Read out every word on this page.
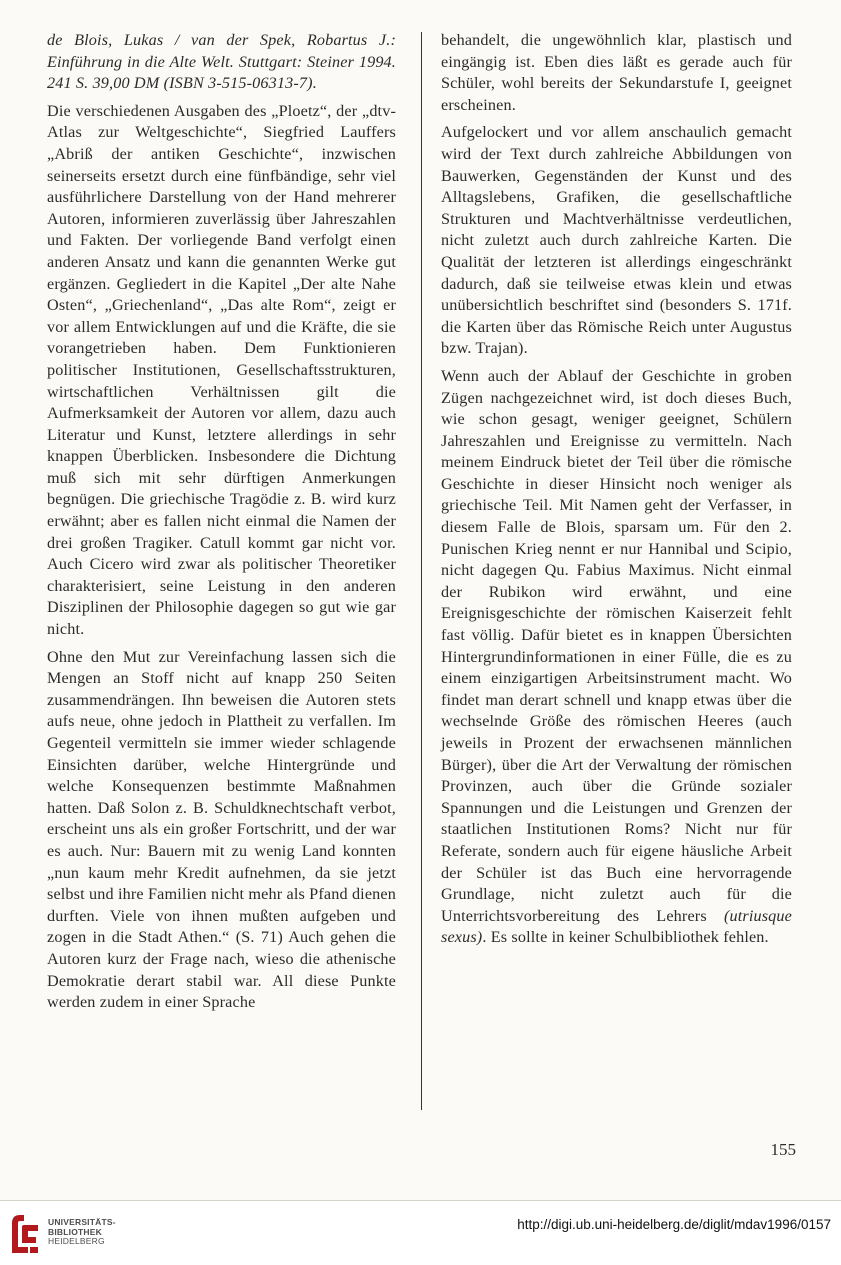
de Blois, Lukas / van der Spek, Robartus J.: Einführung in die Alte Welt. Stuttgart: Steiner 1994. 241 S. 39,00 DM (ISBN 3-515-06313-7).

Die verschiedenen Ausgaben des „Ploetz“, der „dtv-Atlas zur Weltgeschichte“, Siegfried Lauffers „Abriß der antiken Geschichte“, inzwischen seinerseits ersetzt durch eine fünfbändige, sehr viel ausführlichere Darstellung von der Hand mehrerer Autoren, informieren zuverlässig über Jahreszahlen und Fakten. Der vorliegende Band verfolgt einen anderen Ansatz und kann die genannten Werke gut ergänzen. Gegliedert in die Kapitel „Der alte Nahe Osten“, „Griechenland“, „Das alte Rom“, zeigt er vor allem Entwicklungen auf und die Kräfte, die sie vorangetrieben haben. Dem Funktionieren politischer Institutionen, Gesellschaftsstrukturen, wirtschaftlichen Verhältnissen gilt die Aufmerksamkeit der Autoren vor allem, dazu auch Literatur und Kunst, letztere allerdings in sehr knappen Überblicken. Insbesondere die Dichtung muß sich mit sehr dürftigen Anmerkungen begnügen. Die griechische Tragödie z. B. wird kurz erwähnt; aber es fallen nicht einmal die Namen der drei großen Tragiker. Catull kommt gar nicht vor. Auch Cicero wird zwar als politischer Theoretiker charakterisiert, seine Leistung in den anderen Disziplinen der Philosophie dagegen so gut wie gar nicht.

Ohne den Mut zur Vereinfachung lassen sich die Mengen an Stoff nicht auf knapp 250 Seiten zusammendrängen. Ihn beweisen die Autoren stets aufs neue, ohne jedoch in Plattheit zu verfallen. Im Gegenteil vermitteln sie immer wieder schlagende Einsichten darüber, welche Hintergründe und welche Konsequenzen bestimmte Maßnahmen hatten. Daß Solon z. B. Schuldknechtschaft verbot, erscheint uns als ein großer Fortschritt, und der war es auch. Nur: Bauern mit zu wenig Land konnten „nun kaum mehr Kredit aufnehmen, da sie jetzt selbst und ihre Familien nicht mehr als Pfand dienen durften. Viele von ihnen mußten aufgeben und zogen in die Stadt Athen.“ (S. 71) Auch gehen die Autoren kurz der Frage nach, wieso die athenische Demokratie derart stabil war. All diese Punkte werden zudem in einer Sprache

behandelt, die ungewöhnlich klar, plastisch und eingängig ist. Eben dies läßt es gerade auch für Schüler, wohl bereits der Sekundarstufe I, geeignet erscheinen.

Aufgelockert und vor allem anschaulich gemacht wird der Text durch zahlreiche Abbildungen von Bauwerken, Gegenständen der Kunst und des Alltagslebens, Grafiken, die gesellschaftliche Strukturen und Machtverhältnisse verdeutlichen, nicht zuletzt auch durch zahlreiche Karten. Die Qualität der letzteren ist allerdings eingeschränkt dadurch, daß sie teilweise etwas klein und etwas unübersichtlich beschriftet sind (besonders S. 171f. die Karten über das Römische Reich unter Augustus bzw. Trajan).

Wenn auch der Ablauf der Geschichte in groben Zügen nachgezeichnet wird, ist doch dieses Buch, wie schon gesagt, weniger geeignet, Schülern Jahreszahlen und Ereignisse zu vermitteln. Nach meinem Eindruck bietet der Teil über die römische Geschichte in dieser Hinsicht noch weniger als griechische Teil. Mit Namen geht der Verfasser, in diesem Falle de Blois, sparsam um. Für den 2. Punischen Krieg nennt er nur Hannibal und Scipio, nicht dagegen Qu. Fabius Maximus. Nicht einmal der Rubikon wird erwähnt, und eine Ereignisgeschichte der römischen Kaiserzeit fehlt fast völlig. Dafür bietet es in knappen Übersichten Hintergrundinformationen in einer Fülle, die es zu einem einzigartigen Arbeitsinstrument macht. Wo findet man derart schnell und knapp etwas über die wechselnde Größe des römischen Heeres (auch jeweils in Prozent der erwachsenen männlichen Bürger), über die Art der Verwaltung der römischen Provinzen, auch über die Gründe sozialer Spannungen und die Leistungen und Grenzen der staatlichen Institutionen Roms? Nicht nur für Referate, sondern auch für eigene häusliche Arbeit der Schüler ist das Buch eine hervorragende Grundlage, nicht zuletzt auch für die Unterrichtsvorbereitung des Lehrers (utriusque sexus). Es sollte in keiner Schulbibliothek fehlen.

155
UNIVERSITÄTS-
BIBLIOTHEK
HEIDELBERG
http://digi.ub.uni-heidelberg.de/diglit/mdav1996/0157
